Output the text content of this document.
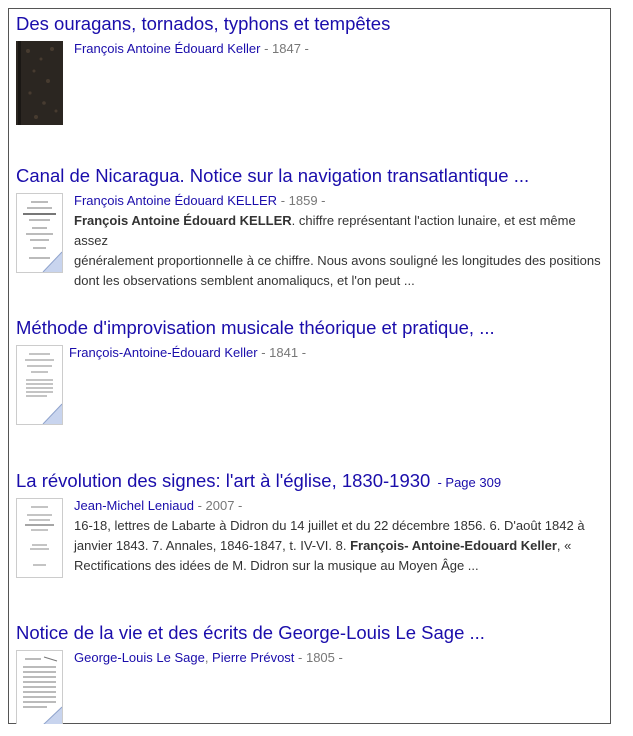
Des ouragans, tornados, typhons et tempêtes
François Antoine Édouard Keller - 1847 -
Canal de Nicaragua. Notice sur la navigation transatlantique ...
François Antoine Édouard KELLER - 1859 -
François Antoine Édouard KELLER. chiffre représentant l'action lunaire, et est même assez
généralement proportionnelle à ce chiffre. Nous avons souligné les longitudes des positions
dont les observations semblent anomaliqucs, et l'on peut ...
Méthode d'improvisation musicale théorique et pratique, ...
François-Antoine-Édouard Keller - 1841 -
La révolution des signes: l'art à l'église, 1830-1930 - Page 309
Jean-Michel Leniaud - 2007 -
16-18, lettres de Labarte à Didron du 14 juillet et du 22 décembre 1856. 6. D'août 1842 à
janvier 1843. 7. Annales, 1846-1847, t. IV-VI. 8. François- Antoine-Edouard Keller, «
Rectifications des idées de M. Didron sur la musique au Moyen Âge ...
Notice de la vie et des écrits de George-Louis Le Sage ...
George-Louis Le Sage, Pierre Prévost - 1805 -
